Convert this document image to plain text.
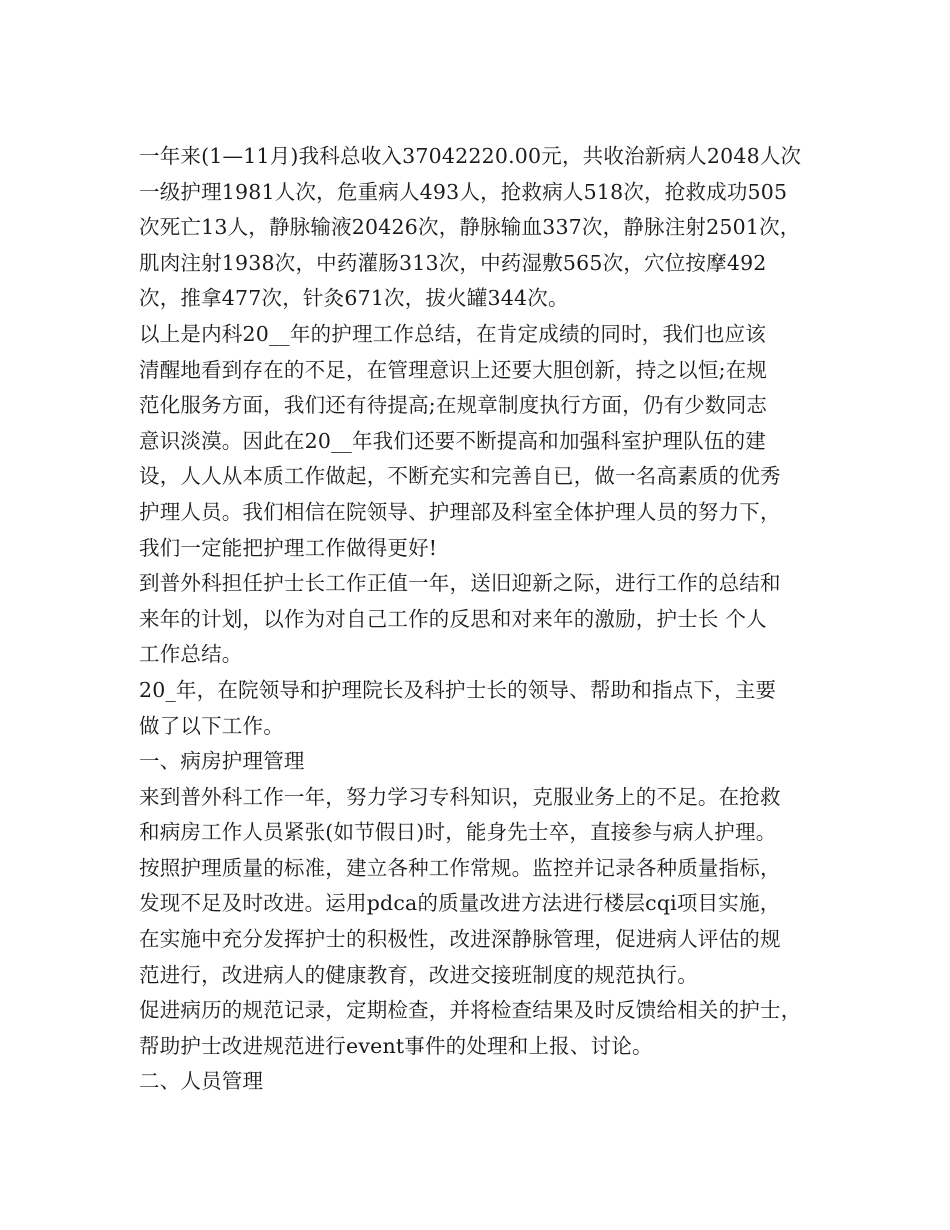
一年来(1—11月)我科总收入37042220.00元，共收治新病人2048人次
一级护理1981人次，危重病人493人，抢救病人518次，抢救成功505
次死亡13人，静脉输液20426次，静脉输血337次，静脉注射2501次，
肌肉注射1938次，中药灌肠313次，中药湿敷565次，穴位按摩492
次，推拿477次，针灸671次，拔火罐344次。
以上是内科20__年的护理工作总结，在肯定成绩的同时，我们也应该
清醒地看到存在的不足，在管理意识上还要大胆创新，持之以恒;在规
范化服务方面，我们还有待提高;在规章制度执行方面，仍有少数同志
意识淡漠。因此在20__年我们还要不断提高和加强科室护理队伍的建
设，人人从本质工作做起，不断充实和完善自已，做一名高素质的优秀
护理人员。我们相信在院领导、护理部及科室全体护理人员的努力下，
我们一定能把护理工作做得更好!
到普外科担任护士长工作正值一年，送旧迎新之际，进行工作的总结和
来年的计划，以作为对自己工作的反思和对来年的激励，护士长 个人
工作总结。
20_年，在院领导和护理院长及科护士长的领导、帮助和指点下，主要
做了以下工作。
一、病房护理管理
来到普外科工作一年，努力学习专科知识，克服业务上的不足。在抢救
和病房工作人员紧张(如节假日)时，能身先士卒，直接参与病人护理。
按照护理质量的标准，建立各种工作常规。监控并记录各种质量指标，
发现不足及时改进。运用pdca的质量改进方法进行楼层cqi项目实施，
在实施中充分发挥护士的积极性，改进深静脉管理，促进病人评估的规
范进行，改进病人的健康教育，改进交接班制度的规范执行。
促进病历的规范记录，定期检查，并将检查结果及时反馈给相关的护士，
帮助护士改进规范进行event事件的处理和上报、讨论。
二、人员管理
